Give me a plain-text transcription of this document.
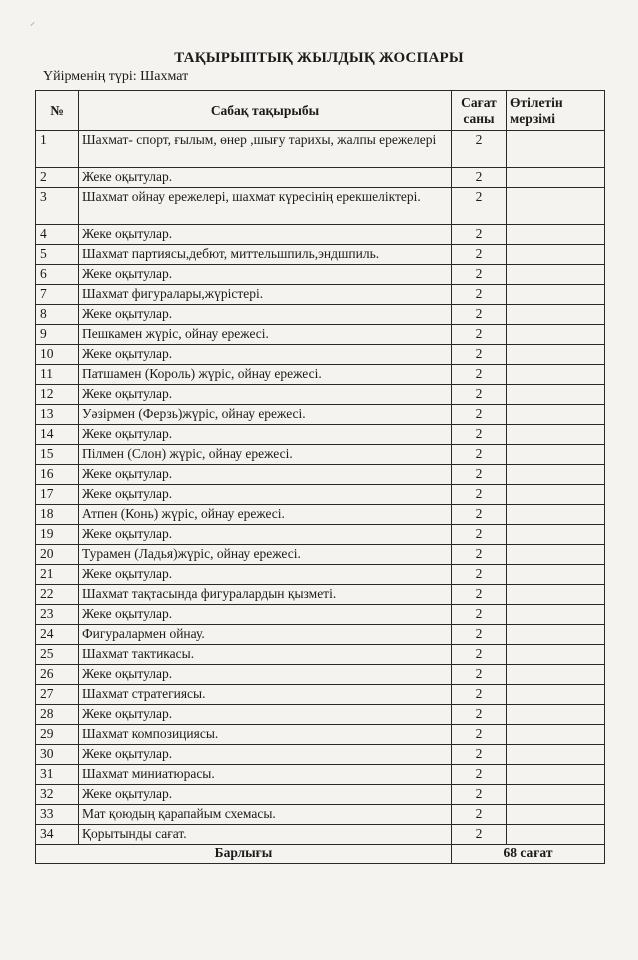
⸝
ТАҚЫРЫПТЫҚ ЖЫЛДЫҚ ЖОСПАРЫ
Үйірменің түрі: Шахмат
№	Сабақ тақырыбы	Сағат саны	Өтілетін мерзімі
1	Шахмат- спорт, ғылым, өнер ,шығу тарихы, жалпы ережелері	2	
2	Жеке оқытулар.	2	
3	Шахмат ойнау ережелері, шахмат күресінің ерекшеліктері.	2	
4	Жеке оқытулар.	2	
5	Шахмат партиясы,дебют, миттельшпиль,эндшпиль.	2	
6	Жеке оқытулар.	2	
7	Шахмат фигуралары,жүрістері.	2	
8	Жеке оқытулар.	2	
9	Пешкамен жүріс, ойнау ережесі.	2	
10	Жеке оқытулар.	2	
11	Патшамен (Король) жүріс, ойнау ережесі.	2	
12	Жеке оқытулар.	2	
13	Уәзірмен (Ферзь)жүріс, ойнау ережесі.	2	
14	Жеке оқытулар.	2	
15	Пілмен (Слон) жүріс, ойнау ережесі.	2	
16	Жеке оқытулар.	2	
17	Жеке оқытулар.	2	
18	Атпен (Конь) жүріс, ойнау ережесі.	2	
19	Жеке оқытулар.	2	
20	Турамен (Ладья)жүріс, ойнау ережесі.	2	
21	Жеке оқытулар.	2	
22	Шахмат тақтасында фигуралардын қызметі.	2	
23	Жеке оқытулар.	2	
24	Фигуралармен ойнау.	2	
25	Шахмат тактикасы.	2	
26	Жеке оқытулар.	2	
27	Шахмат стратегиясы.	2	
28	Жеке оқытулар.	2	
29	Шахмат композициясы.	2	
30	Жеке оқытулар.	2	
31	Шахмат миниатюрасы.	2	
32	Жеке оқытулар.	2	
33	Мат қоюдың қарапайым схемасы.	2	
34	Қорытынды сағат.	2	
Барлығы		68 сағат	
